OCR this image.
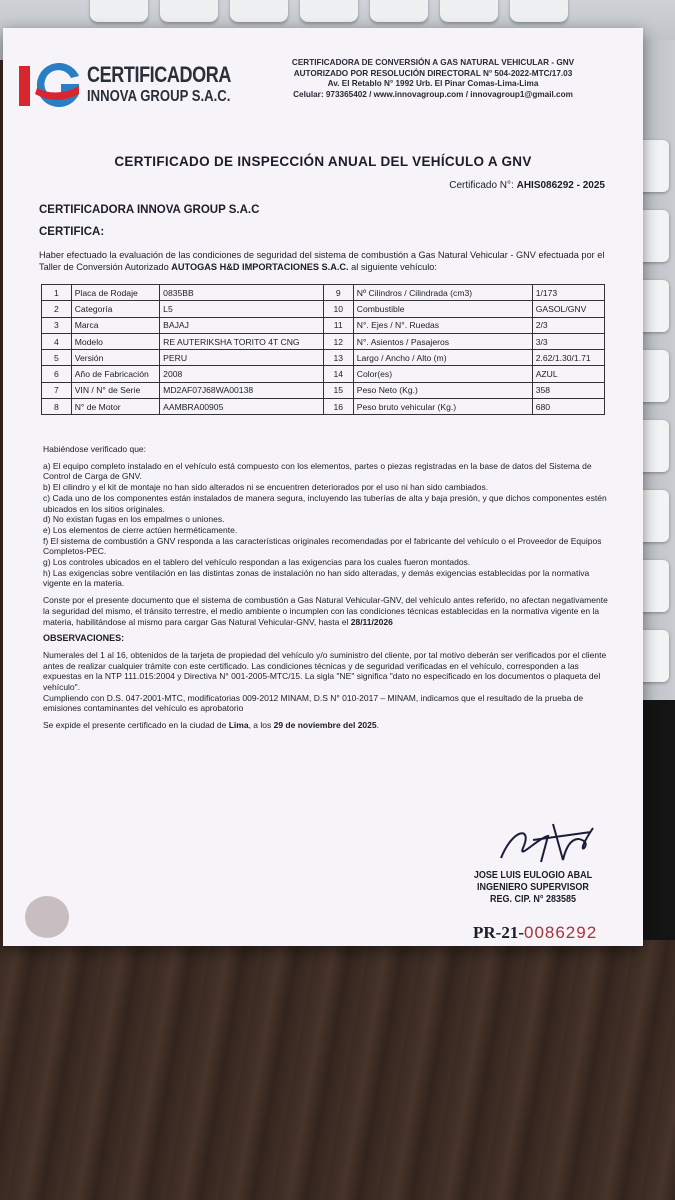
CERTIFICADORA
INNOVA GROUP S.A.C.
CERTIFICADORA DE CONVERSIÓN A GAS NATURAL VEHICULAR - GNV
AUTORIZADO POR RESOLUCIÓN DIRECTORAL N° 504-2022-MTC/17.03
Av. El Retablo N° 1992 Urb. El Pinar Comas-Lima-Lima
Celular: 973365402 / www.innovagroup.com / innovagroup1@gmail.com
CERTIFICADO DE INSPECCIÓN ANUAL DEL VEHÍCULO A GNV
Certificado N°: AHIS086292 - 2025
CERTIFICADORA INNOVA GROUP S.A.C
CERTIFICA:
Haber efectuado la evaluación de las condiciones de seguridad del sistema de combustión a Gas Natural Vehicular - GNV efectuada por el Taller de Conversión Autorizado AUTOGAS H&D IMPORTACIONES S.A.C. al siguiente vehículo:
1	Placa de Rodaje	0835BB	9	Nº Cilindros / Cilindrada (cm3)	1/173
2	Categoría	L5	10	Combustible	GASOL/GNV
3	Marca	BAJAJ	11	N°. Ejes / N°. Ruedas	2/3
4	Modelo	RE AUTERIKSHA TORITO 4T CNG	12	N°. Asientos / Pasajeros	3/3
5	Versión	PERU	13	Largo / Ancho / Alto (m)	2.62/1.30/1.71
6	Año de Fabricación	2008	14	Color(es)	AZUL
7	VIN / N° de Serie	MD2AF07J68WA00138	15	Peso Neto (Kg.)	358
8	N° de Motor	AAMBRA00905	16	Peso bruto vehicular (Kg.)	680

Habiéndose verificado que:

a) El equipo completo instalado en el vehículo está compuesto con los elementos, partes o piezas registradas en la base de datos del Sistema de Control de Carga de GNV.

b) El cilindro y el kit de montaje no han sido alterados ni se encuentren deteriorados por el uso ni han sido cambiados.

c) Cada uno de los componentes están instalados de manera segura, incluyendo las tuberías de alta y baja presión, y que dichos componentes estén ubicados en los sitios originales.

d) No existan fugas en los empalmes o uniones.

e) Los elementos de cierre actúen herméticamente.

f) El sistema de combustión a GNV responda a las características originales recomendadas por el fabricante del vehículo o el Proveedor de Equipos Completos-PEC.

g) Los controles ubicados en el tablero del vehículo respondan a las exigencias para los cuales fueron montados.

h) Las exigencias sobre ventilación en las distintas zonas de instalación no han sido alteradas, y demás exigencias establecidas por la normativa vigente en la materia.

Conste por el presente documento que el sistema de combustión a Gas Natural Vehicular-GNV, del vehículo antes referido, no afectan negativamente la seguridad del mismo, el tránsito terrestre, el medio ambiente o incumplen con las condiciones técnicas establecidas en la normativa vigente en la materia, habilitándose al mismo para cargar Gas Natural Vehicular-GNV, hasta el 28/11/2026

OBSERVACIONES:

Numerales del 1 al 16, obtenidos de la tarjeta de propiedad del vehículo y/o suministro del cliente, por tal motivo deberán ser verificados por el cliente antes de realizar cualquier trámite con este certificado. Las condiciones técnicas y de seguridad verificadas en el vehículo, corresponden a las expuestas en la NTP 111.015:2004 y Directiva N° 001-2005-MTC/15. La sigla "NE" significa "dato no especificado en los documentos o plaqueta del vehículo".

Cumpliendo con D.S. 047-2001-MTC, modificatorias 009-2012 MINAM, D.S N° 010-2017 – MINAM, indicamos que el resultado de la prueba de emisiones contaminantes del vehículo es aprobatorio

Se expide el presente certificado en la ciudad de Lima, a los 29 de noviembre del 2025.

JOSE LUIS EULOGIO ABAL
INGENIERO SUPERVISOR
REG. CIP. N° 283585
PR-21-0086292
